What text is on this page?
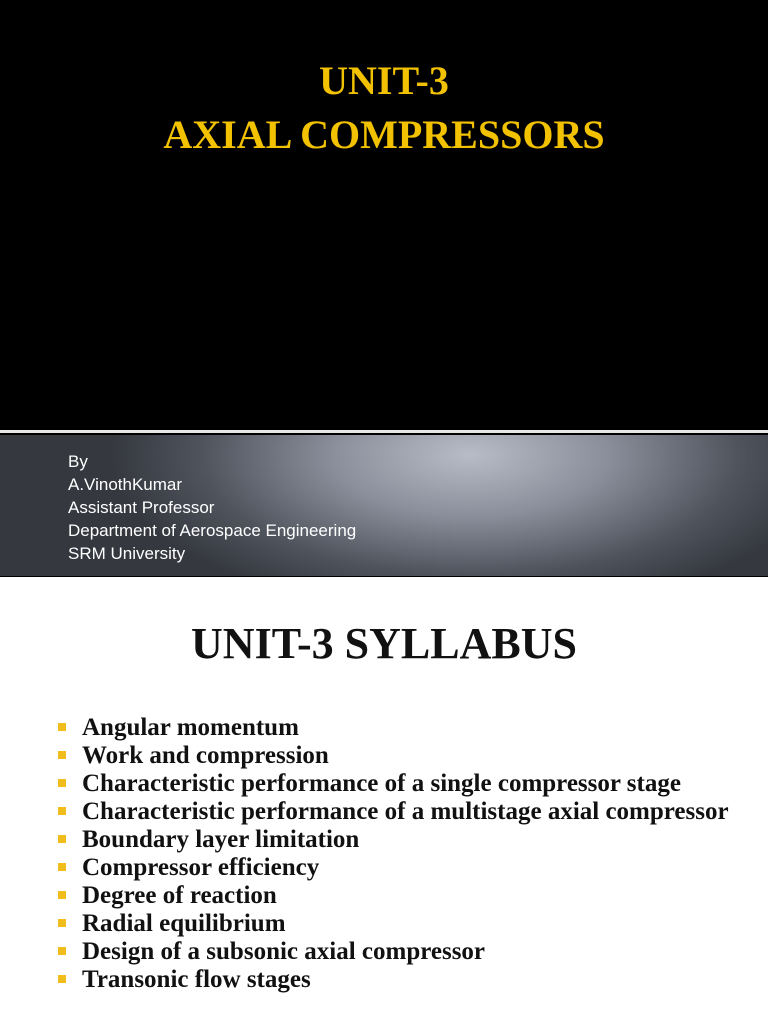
UNIT-3
AXIAL COMPRESSORS
By
A.VinothKumar
Assistant Professor
Department of Aerospace Engineering
SRM University
UNIT-3 SYLLABUS
Angular momentum
Work and compression
Characteristic performance of a single compressor stage
Characteristic performance of a multistage axial compressor
Boundary layer limitation
Compressor efficiency
Degree of reaction
Radial equilibrium
Design of a subsonic axial compressor
Transonic flow stages
